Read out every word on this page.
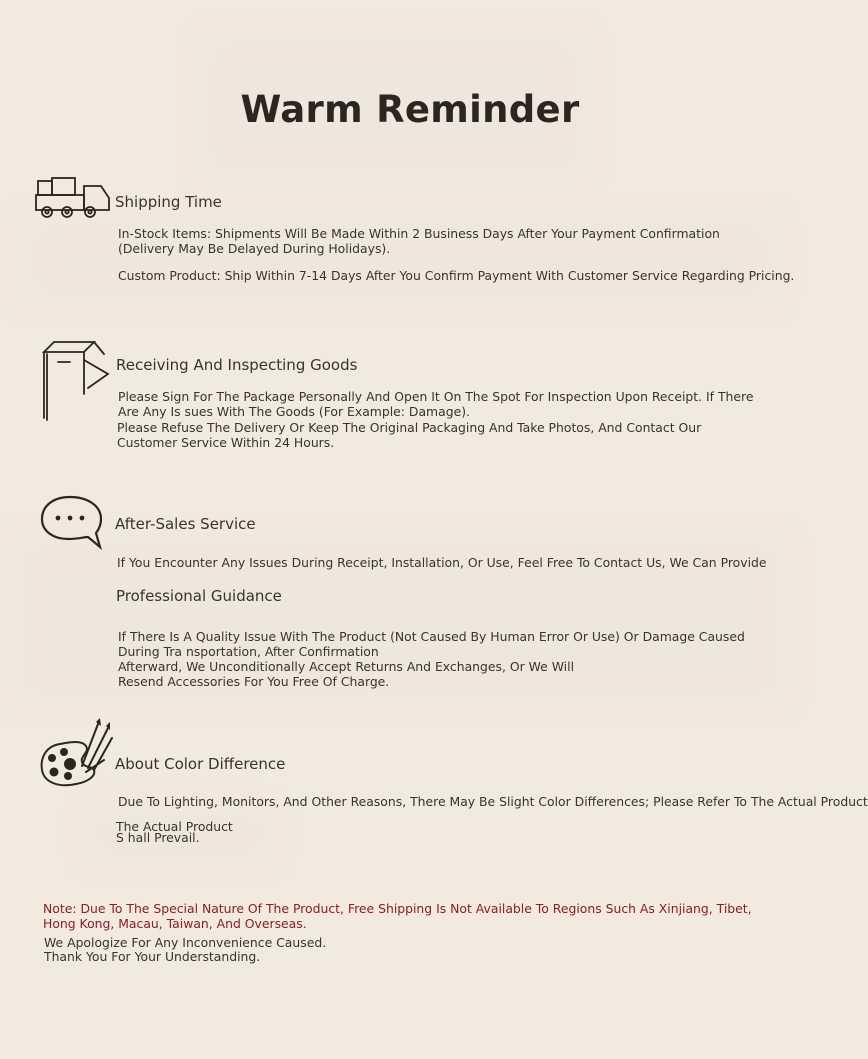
Warm Reminder
Shipping Time
In-Stock Items: Shipments Will Be Made Within 2 Business Days After Your Payment Confirmation (Delivery May Be Delayed During Holidays).
Custom Product: Ship Within 7-14 Days After You Confirm Payment With Customer Service Regarding Pricing.
Receiving And Inspecting Goods
Please Sign For The Package Personally And Open It On The Spot For Inspection Upon Receipt. If There Are Any Is sues With The Goods (For Example: Damage).
Please Refuse The Delivery Or Keep The Original Packaging And Take Photos, And Contact Our Customer Service Within 24 Hours.
After-Sales Service
If You Encounter Any Issues During Receipt, Installation, Or Use, Feel Free To Contact Us, We Can Provide
Professional Guidance
If There Is A Quality Issue With The Product (Not Caused By Human Error Or Use) Or Damage Caused During Tra nsportation, After Confirmation
Afterward, We Unconditionally Accept Returns And Exchanges, Or We Will Resend Accessories For You Free Of Charge.
About Color Difference
Due To Lighting, Monitors, And Other Reasons, There May Be Slight Color Differences; Please Refer To The Actual Product
The Actual Product S hall Prevail.
Note: Due To The Special Nature Of The Product, Free Shipping Is Not Available To Regions Such As Xinjiang, Tibet, Hong Kong, Macau, Taiwan, And Overseas.
We Apologize For Any Inconvenience Caused.
Thank You For Your Understanding.
